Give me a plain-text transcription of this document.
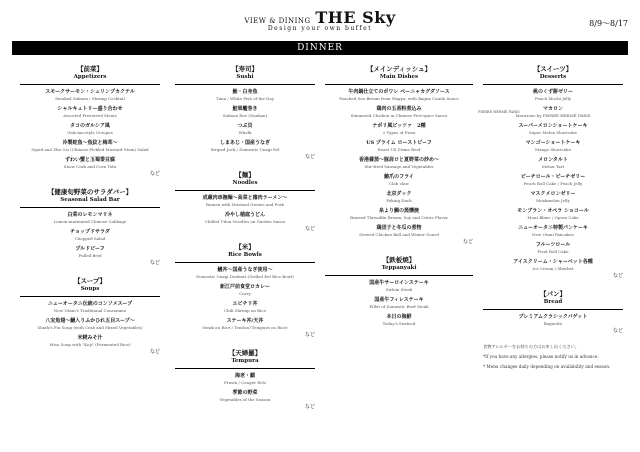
VIEW & DINING THE Sky
Design your own buffet
8/9～8/17
DINNER
【前菜】
Appetizers
スモークサーモン・シュリンプカクテル
Smoked Salmon / Shrimp Cocktail
シャルキュトリー盛り合わせ
Assorted Preserved Meats
タコのガルシア風
Galician-style Octopus
冷製蛇魚～魚紋と梅茸～
Squid and Zha Cai (Chinese Pickled Mustard Stem) Salad
ずわい蟹と玉蜀黍豆腐
Snow Crab and Corn Tofu
など
【健康旬野菜のサラダバー】
Seasonal Salad Bar
白菜のレモンマリネ
Lemon-marinated Chinese Cabbage
チョップドサラダ
Chopped Salad
プルドビーフ
Pulled Beef
など
【スープ】
Soups
ニューオータニ伝統のコンソメスープ
New Otani's Traditional Consomme
八宝魚翅～鱶入りふかひれ五目スープ～
Shark's Fin Soup (with Crab and Mixed Vegetables)
米糀みそ汁
Miso Soup with "Koji" (Fermented Rice)
など
【寿司】
Sushi
鮪・白身魚
Tuna / White Fish of the Day
鮭軍艦巻き
Salmon Roe (Gunkan)
つぶ貝
Whelk
しまあじ・国産うなぎ
Striped Jack / Domestic Unagi Eel
など
【麺】
Noodles
成蔵肉串撫麺～高菜と擔肉ラーメン～
Ramen with Mustard Greens and Pork
冷やし稲庭うどん
Chilled Udon Noodles on Garden Sauce
など
【米】
Rice Bowls
鰻丼～国産うなぎ使用～
Domestic Unagi Donburi (Grilled Eel Rice Bowl)
新江戸前食堂ロカレー
Curry
エビチリ丼
Chili Shrimp on Rice
ステーキ丼/天丼
Steak on Rice / Tendon (Tempura on Rice)
など
【天婦羅】
Tempura
海老・鱚
Prawn / Conger Eels
季節の野菜
Vegetables of the Season
など
【メインディッシュ】
Main Dishes
牛肉鍋仕立てのポワレ ベーニャカグダソース
Poached Sea Bream from Wagyu, with Bagna Cauda Sauce
鶏肉の五香粉煮込み
Simmered Chicken in Chinese Five-spice Sauce
ナポリ風ピッツァ　2種
2 Types of Pizza
US プライム ローストビーフ
Roast US Prime Beef
香港醤蒸～豚肩ロと夏野菜の炒め～
Stir-fried Sausage and Vegetables
鰆爪のフライ
Clab claw
北京ダック
Peking Duck
糸より鯛の蒸燻焼
Braised Threadfin Bream, Soy and Citrus Flavor
鶏団子と冬瓜の煮物
Stewed Chicken Ball and Winter Gourd
など
【鉄板焼】
Teppanyaki
国産牛サーロインステーキ
Sirloin Steak
国産牛フィレステーキ
Fillet of Domestic Beef Steak
本日の海鮮
Today's Seafood
【スイーツ】
Desserts
桃のくず餅ゼリー
Peach Mochi Jelly
マカロン
Macarons by PIERRE HERMÉ PARIS
スーパーメロンショートケーキ
Super Melon Shortcake
マンゴーショートケーキ
Mango Shortcake
メロンタルト
Melon Tart
ピーチロール・ピーチゼリー
Peach Roll Cake / Peach Jelly
マスクメロンゼリー
Muskmelon Jelly
モンブラン・オペラ ショコール
Mont Blanc / Opera Cake
ニューオータニ特製パンケーキ
New Otani Pancakes
フルーツロール
Fruit Roll Cake
アイスクリーム・シャーベット各種
Ice Cream / Sherbet
など
【パン】
Bread
プレミアムクラシックバゲット
Baguette
など
食物アレルギーをお持ちの方はお申し出ください。
*If you have any allergies, please notify us in advance.
* Menu changes daily depending on availability and season.
PIERRE HERMÉ PARIS
